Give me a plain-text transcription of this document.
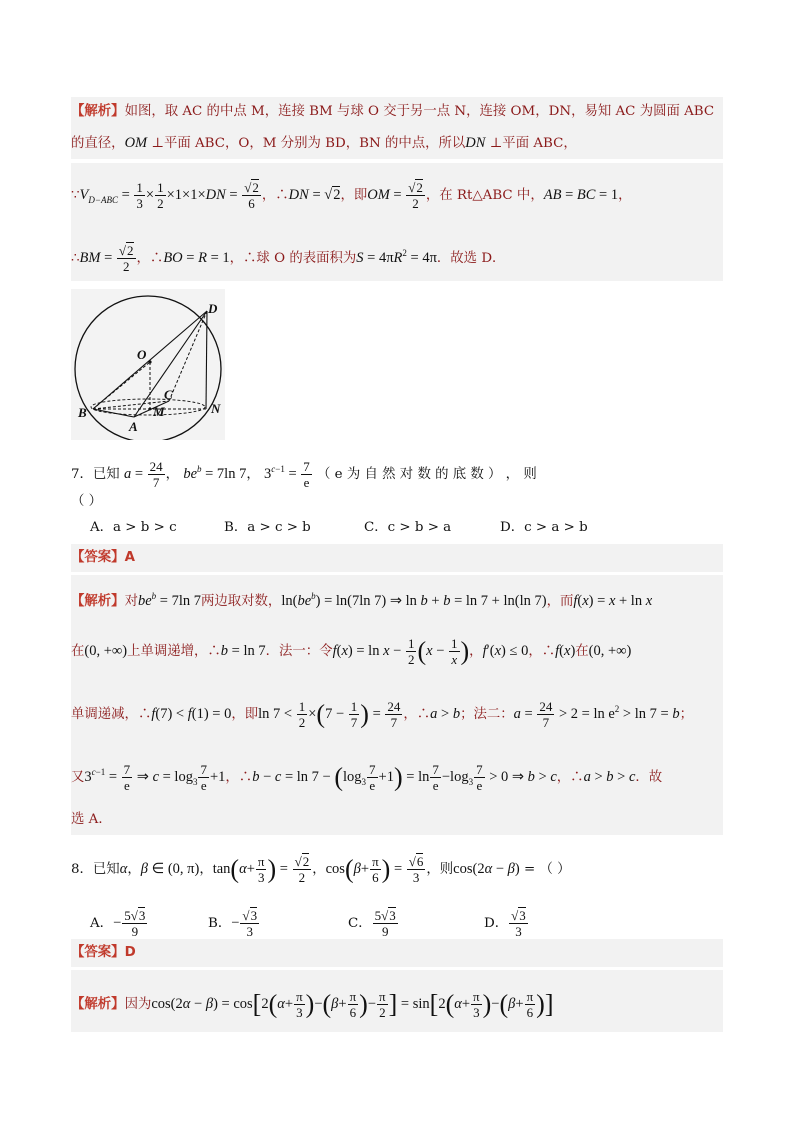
【解析】如图，取 AC 的中点 M，连接 BM 与球 O 交于另一点 N，连接 OM，DN，易知 AC 为圆面 ABC
的直径，OM ⊥平面 ABC，O，M 分别为 BD，BN 的中点，所以DN ⊥平面 ABC，
$\because V_{D-ABC} = \frac{1}{3} \times \frac{1}{2} \times 1\times 1\times DN = \frac{√2}{6}$ ，∴DN = √2，即OM = $\frac{√2}{2}$ ，在 Rt△ABC 中，AB = BC = 1，
∴BM = $\frac{√2}{2}$ ，∴BO = R = 1，∴球 O 的表面积为$S = 4\pi R^2 = 4\pi$．故选 D．
D
O
C
B	M
A
N
7．已知 $a = \frac{24}{7}$ ， $be^b = 7\ln$ 7， $3^{c-1} = \frac{7}{e}$ （ e 为 自 然 对 数 的 底 数 ） ， 则
（ ）
A．a > b > c	B．a > c > b	C．c > b > a	D．c > a > b
【答案】A
【解析】对$be^b = 7\ln$ 7两边取对数，$\ln(be^b) = \ln(7\ln$ 7) ⇒ ln b + b = ln 7 + ln(ln 7)，而f(x) = x + ln x
在(0, +∞)上单调递增，∴b = ln 7．法一：令$f(x) = \ln x - \frac{1}{2} (x - \frac{1}{x}$ )，f′(x) ≤ 0，∴f(x)在(0, +∞)
单调递减，∴f(7) < f(1) = 0，即$\ln 7 < \frac{1}{2} \times(7 - \frac{1}{7}$ ) = $\frac{24}{7}$ ，∴a > b；法二：$a = \frac{24}{7} > 2 = \ln e^2 > \ln 7 = b$；
又$3^{c-1} = \frac{7}{e}$ ⇒ $c = \log_3 \frac{7}{e} +1$，∴b − $c = \ln 7 - (\log_3 \frac{7}{e} +1) = \ln \frac{7}{e} -\log_3 \frac{7}{e} > 0$ ⇒ b > c，∴a > b > c．故
选 A．
8．已知α，β ∈ (0, π)，$\tan(\alpha+ \frac{\pi}{3}$ ) = $\frac{√2}{2}$ ，$\cos(\beta+ \frac{\pi}{6}$ ) = $\frac{√6}{3}$ ，则cos(2α − β) = （ ）
A．− $\frac{5√3}{9}$	B．− $\frac{√3}{3}$	C． $\frac{5√3}{9}$	D． $\frac{√3}{3}$
【答案】D
【解析】因为$\cos(2\alpha - \beta) = \cos[2(\alpha+ \frac{\pi}{3} )-(\beta+ \frac{\pi}{6}$ )− $\frac{\pi}{2}$ ] = $\sin[2(\alpha+ \frac{\pi}{3} )-(\beta+ \frac{\pi}{6}$ )]
